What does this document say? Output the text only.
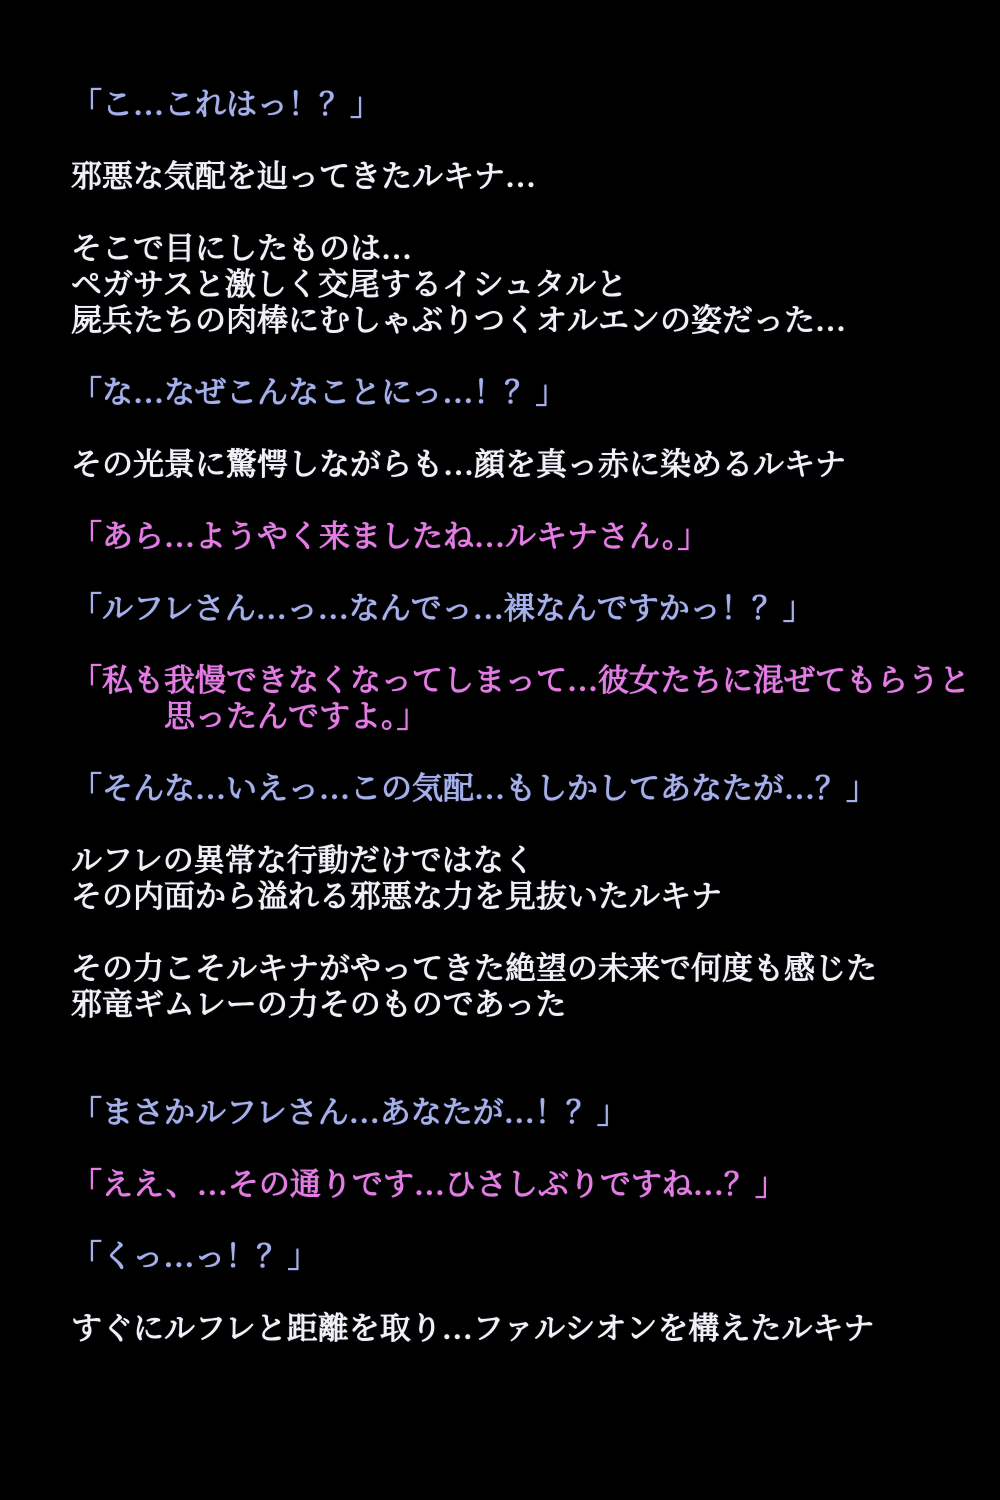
「こ…これはっ！？」
邪悪な気配を辿ってきたルキナ…
そこで目にしたものは…
ペガサスと激しく交尾するイシュタルと
屍兵たちの肉棒にむしゃぶりつくオルエンの姿だった…
「な…なぜこんなことにっ…！？」
その光景に驚愕しながらも…顔を真っ赤に染めるルキナ
「あら…ようやく来ましたね…ルキナさん。」
「ルフレさん…っ…なんでっ…裸なんですかっ！？」
「私も我慢できなくなってしまって…彼女たちに混ぜてもらうと
　　　思ったんですよ。」
「そんな…いえっ…この気配…もしかしてあなたが…？」
ルフレの異常な行動だけではなく
その内面から溢れる邪悪な力を見抜いたルキナ
その力こそルキナがやってきた絶望の未来で何度も感じた
邪竜ギムレーの力そのものであった
「まさかルフレさん…あなたが…！？」
「ええ、…その通りです…ひさしぶりですね…？」
「くっ…っ！？」
すぐにルフレと距離を取り…ファルシオンを構えたルキナ
